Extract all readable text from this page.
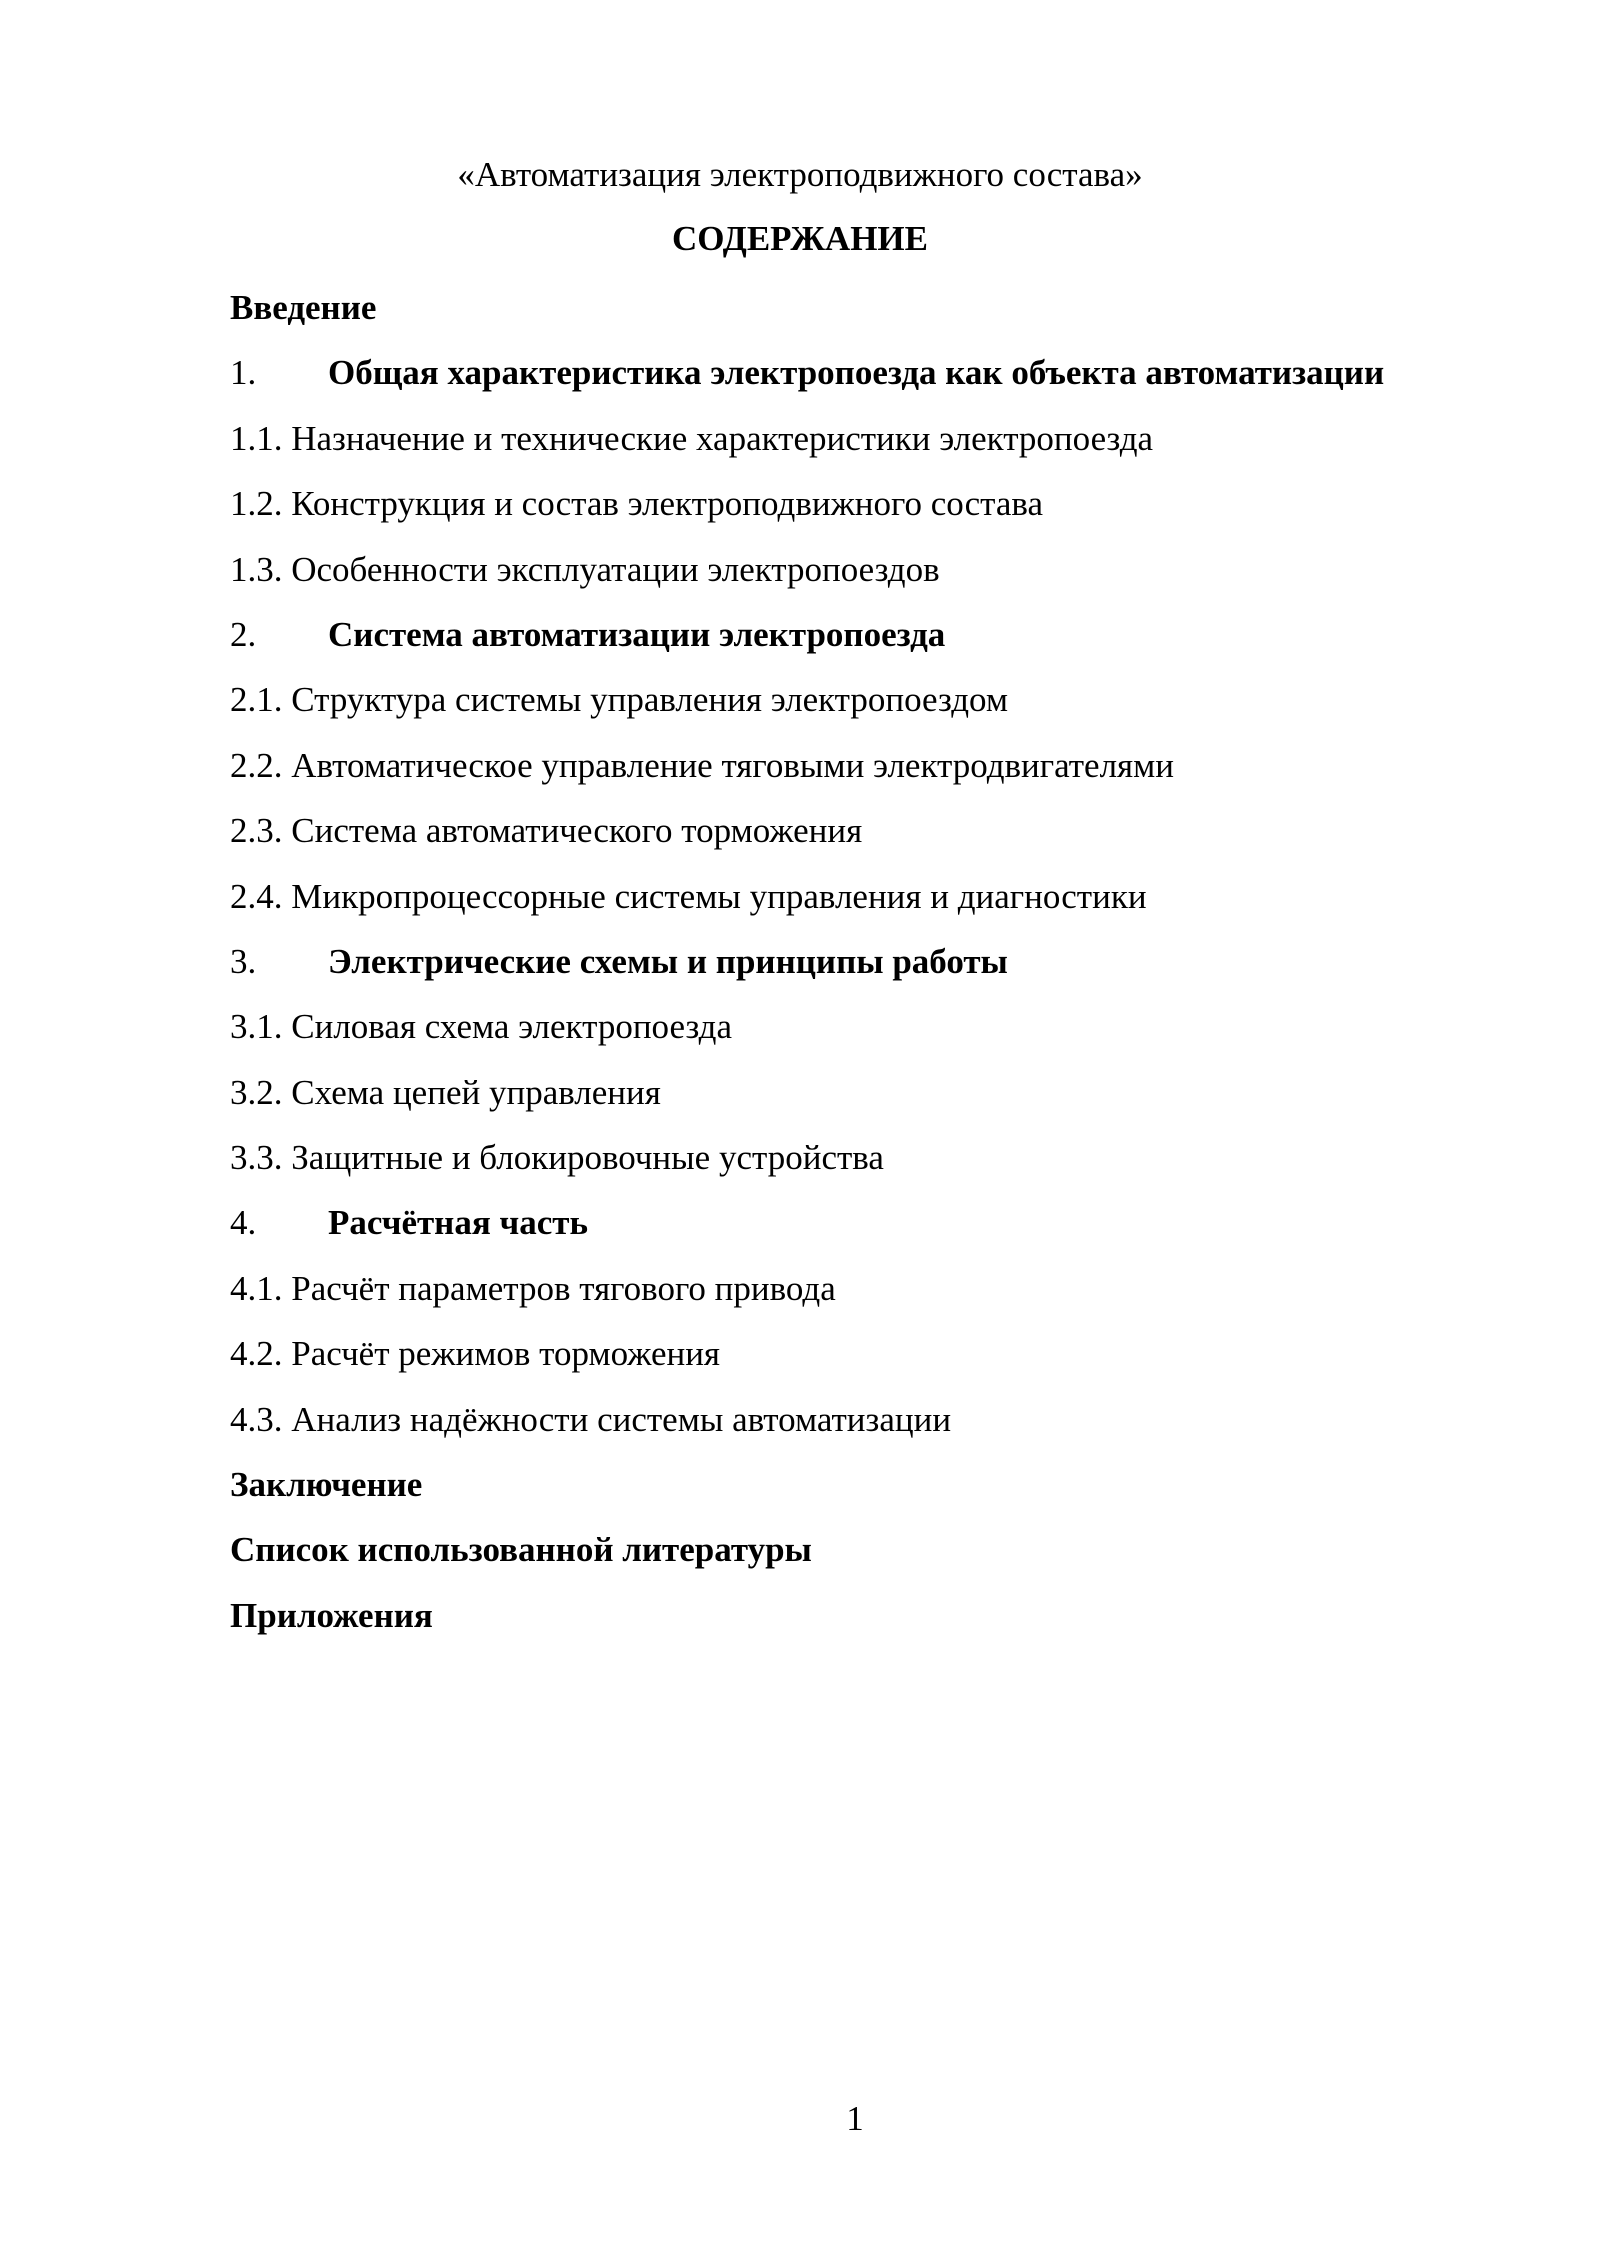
«Автоматизация электроподвижного состава»
СОДЕРЖАНИЕ
Введение
1. Общая характеристика электропоезда как объекта автоматизации
1.1. Назначение и технические характеристики электропоезда
1.2. Конструкция и состав электроподвижного состава
1.3. Особенности эксплуатации электропоездов
2. Система автоматизации электропоезда
2.1. Структура системы управления электропоездом
2.2. Автоматическое управление тяговыми электродвигателями
2.3. Система автоматического торможения
2.4. Микропроцессорные системы управления и диагностики
3. Электрические схемы и принципы работы
3.1. Силовая схема электропоезда
3.2. Схема цепей управления
3.3. Защитные и блокировочные устройства
4. Расчётная часть
4.1. Расчёт параметров тягового привода
4.2. Расчёт режимов торможения
4.3. Анализ надёжности системы автоматизации
Заключение
Список использованной литературы
Приложения
1
